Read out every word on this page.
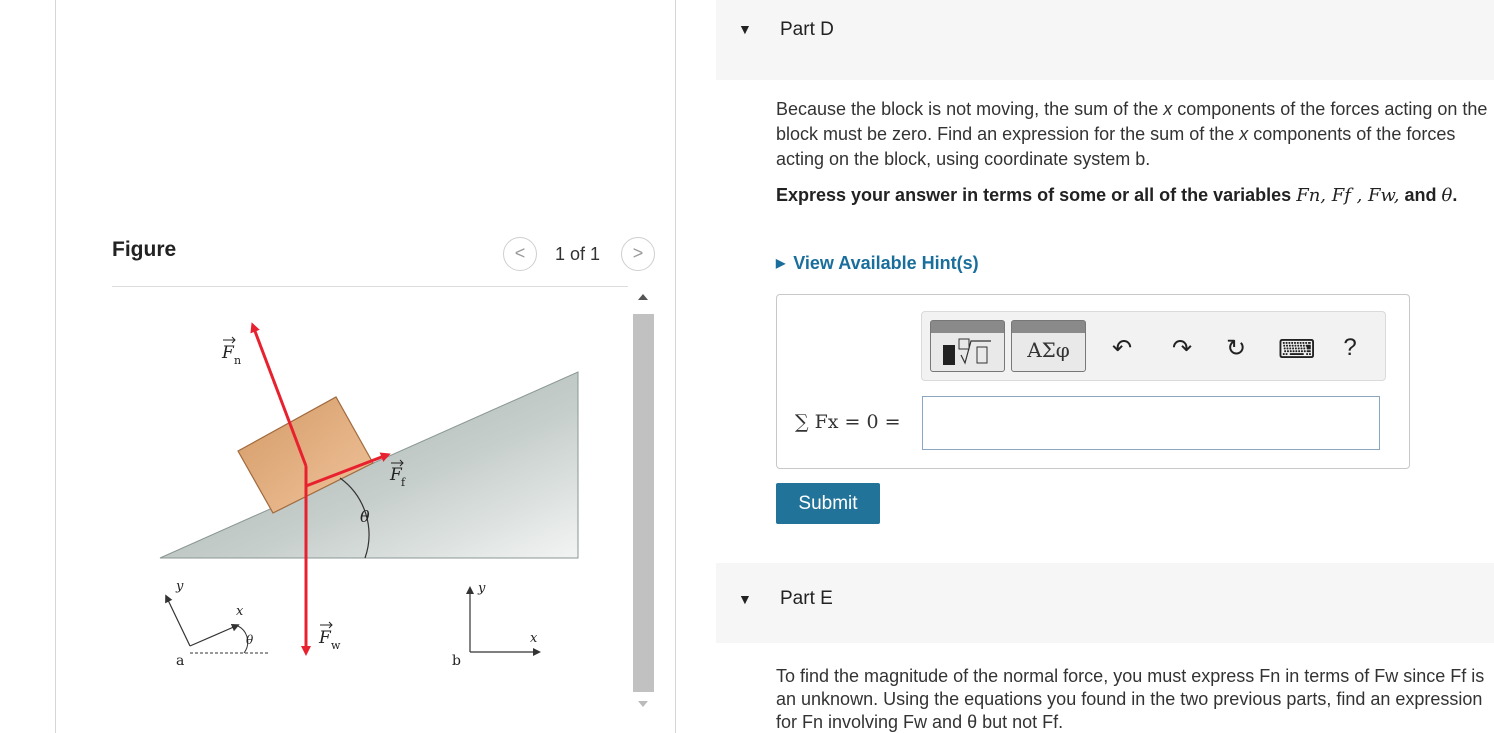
Figure	<	1 of 1	>
θ
F n
F f
F w
y
x
θ
a
y
x
b
▼ Part D
Because the block is not moving, the sum of the x components of the forces acting on the block must be zero. Find an expression for the sum of the x components of the forces acting on the block, using coordinate system b.
Express your answer in terms of some or all of the variables Fn, Ff , Fw, and θ.
▶ View Available Hint(s)
ΑΣφ	↶ ↷ ↻ ⌨	?
∑ Fx = 0 =
Submit
▼ Part E
To find the magnitude of the normal force, you must express Fn in terms of Fw since Ff is an unknown. Using the equations you found in the two previous parts, find an expression for Fn involving Fw and θ but not Ff.
